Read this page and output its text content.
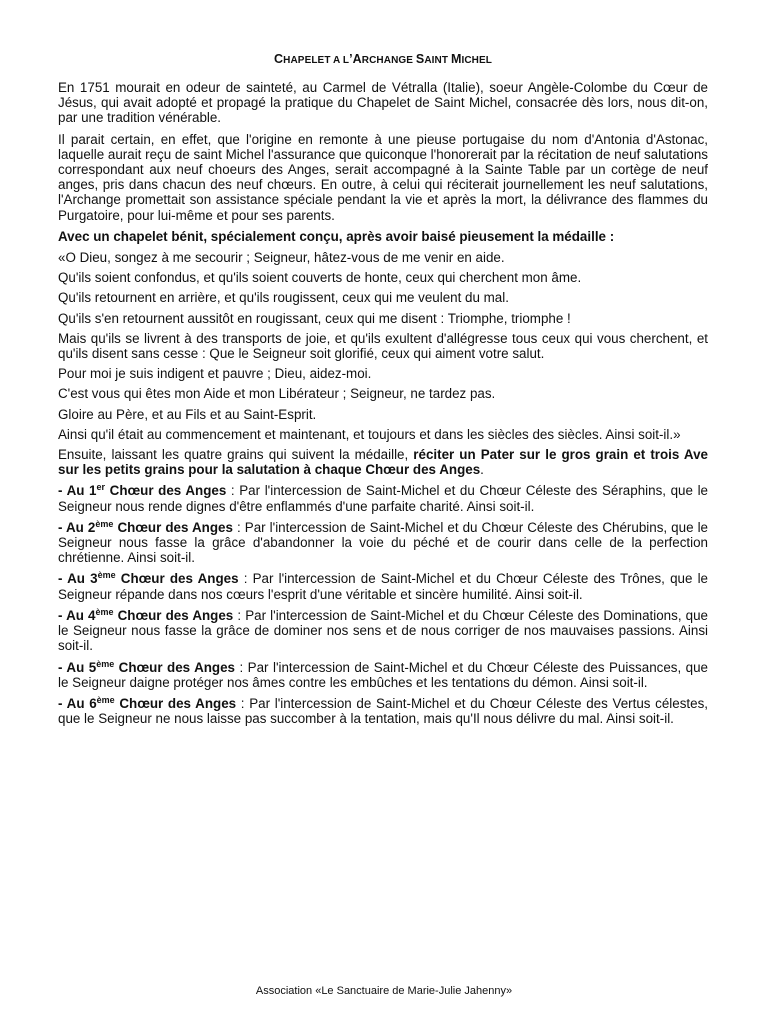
CHAPELET A L’ARCHANGE SAINT MICHEL

En 1751 mourait en odeur de sainteté, au Carmel de Vétralla (Italie), soeur Angèle-Colombe du Cœur de Jésus, qui avait adopté et propagé la pratique du Chapelet de Saint Michel, consacrée dès lors, nous dit-on, par une tradition vénérable.

Il parait certain, en effet, que l'origine en remonte à une pieuse portugaise du nom d'Antonia d'Astonac, laquelle aurait reçu de saint Michel l'assurance que quiconque l'honorerait par la récitation de neuf salutations correspondant aux neuf choeurs des Anges, serait accompagné à la Sainte Table par un cortège de neuf anges, pris dans chacun des neuf chœurs. En outre, à celui qui réciterait journellement les neuf salutations, l'Archange promettait son assistance spéciale pendant la vie et après la mort, la délivrance des flammes du Purgatoire, pour lui-même et pour ses parents.

Avec un chapelet bénit, spécialement conçu, après avoir baisé pieusement la médaille :

«O Dieu, songez à me secourir ; Seigneur, hâtez-vous de me venir en aide.

Qu'ils soient confondus, et qu'ils soient couverts de honte, ceux qui cherchent mon âme.

Qu'ils retournent en arrière, et qu'ils rougissent, ceux qui me veulent du mal.

Qu'ils s'en retournent aussitôt en rougissant, ceux qui me disent : Triomphe, triomphe !

Mais qu'ils se livrent à des transports de joie, et qu'ils exultent d'allégresse tous ceux qui vous cherchent, et qu'ils disent sans cesse : Que le Seigneur soit glorifié, ceux qui aiment votre salut.

Pour moi je suis indigent et pauvre ; Dieu, aidez-moi.

C'est vous qui êtes mon Aide et mon Libérateur ; Seigneur, ne tardez pas.

Gloire au Père, et au Fils et au Saint-Esprit.

Ainsi qu'il était au commencement et maintenant, et toujours et dans les siècles des siècles. Ainsi soit-il.»

Ensuite, laissant les quatre grains qui suivent la médaille, réciter un Pater sur le gros grain et trois Ave sur les petits grains pour la salutation à chaque Chœur des Anges.

- Au 1er Chœur des Anges : Par l'intercession de Saint-Michel et du Chœur Céleste des Séraphins, que le Seigneur nous rende dignes d'être enflammés d'une parfaite charité. Ainsi soit-il.

- Au 2ème Chœur des Anges : Par l'intercession de Saint-Michel et du Chœur Céleste des Chérubins, que le Seigneur nous fasse la grâce d'abandonner la voie du péché et de courir dans celle de la perfection chrétienne. Ainsi soit-il.

- Au 3ème Chœur des Anges : Par l'intercession de Saint-Michel et du Chœur Céleste des Trônes, que le Seigneur répande dans nos cœurs l'esprit d'une véritable et sincère humilité. Ainsi soit-il.

- Au 4ème Chœur des Anges : Par l'intercession de Saint-Michel et du Chœur Céleste des Dominations, que le Seigneur nous fasse la grâce de dominer nos sens et de nous corriger de nos mauvaises passions. Ainsi soit-il.

- Au 5ème Chœur des Anges : Par l'intercession de Saint-Michel et du Chœur Céleste des Puissances, que le Seigneur daigne protéger nos âmes contre les embûches et les tentations du démon. Ainsi soit-il.

- Au 6ème Chœur des Anges : Par l'intercession de Saint-Michel et du Chœur Céleste des Vertus célestes, que le Seigneur ne nous laisse pas succomber à la tentation, mais qu'Il nous délivre du mal. Ainsi soit-il.

Association «Le Sanctuaire de Marie-Julie Jahenny»
